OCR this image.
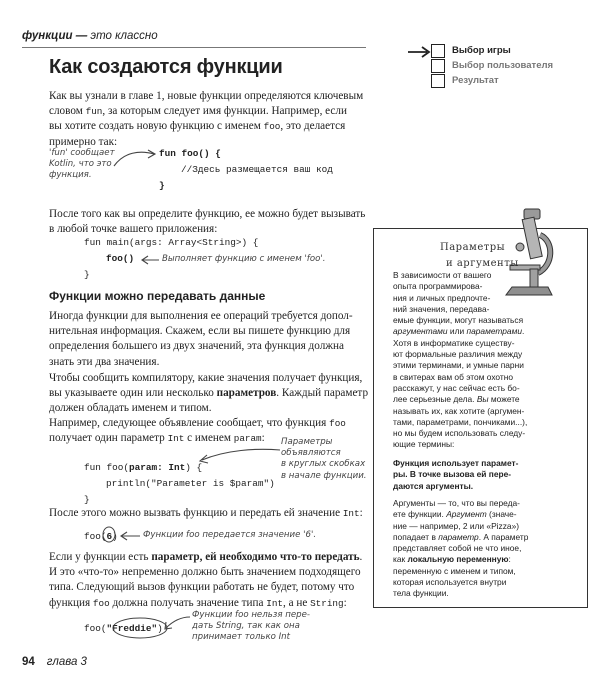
функции — это классно
Выбор игры
Выбор пользователя
Результат
Как создаются функции
Как вы узнали в главе 1, новые функции определяются ключевым
словом fun, за которым следует имя функции. Например, если
вы хотите создать новую функцию с именем foo, это делается
примерно так:
'fun' сообщает
Kotlin, что это
функция.
fun foo() {
//Здесь размещается ваш код
}
После того как вы определите функцию, ее можно будет вызывать
в любой точке вашего приложения:
fun main(args: Array<String>) {
foo()
}
Выполняет функцию с именем 'foo'.
Функции можно передавать данные
Иногда функции для выполнения ее операций требуется допол-
нительная информация. Скажем, если вы пишете функцию для
определения большего из двух значений, эта функция должна
знать эти два значения.
Чтобы сообщить компилятору, какие значения получает функция,
вы указываете один или несколько параметров. Каждый параметр
должен обладать именем и типом.
Например, следующее объявление сообщает, что функция foo
получает один параметр Int с именем param:	Параметры
объявляются
в круглых скобках
в начале функции.
fun foo(param: Int) {
println("Parameter is $param")
}
После этого можно вызвать функцию и передать ей значение Int:
foo(6)	Функции foo передается значение '6'.
Если у функции есть параметр, ей необходимо что-то передать.
И это «что-то» непременно должно быть значением подходящего
типа. Следующий вызов функции работать не будет, потому что
функция foo должна получать значение типа Int, а не String:
foo("Freddie")
Функции foo нельзя пере-
дать String, так как она
принимает только Int
Параметры
и аргументы
В зависимости от вашего
опыта программирова-
ния и личных предпочте-
ний значения, передава-
емые функции, могут называться
аргументами или параметрами.
Хотя в информатике существу-
ют формальные различия между
этими терминами, и умные парни
в свитерах вам об этом охотно
расскажут, у нас сейчас есть бо-
лее серьезные дела. Вы можете
называть их, как хотите (аргумен-
тами, параметрами, пончиками...),
но мы будем использовать следу-
ющие термины:
Функция использует парамет-
ры. В точке вызова ей пере-
даются аргументы.
Аргументы — то, что вы переда-
ете функции. Аргумент (значе-
ние — например, 2 или «Pizza»)
попадает в параметр. А параметр
представляет собой не что иное,
как локальную переменную:
переменную с именем и типом,
которая используется внутри
тела функции.
94 глава 3
